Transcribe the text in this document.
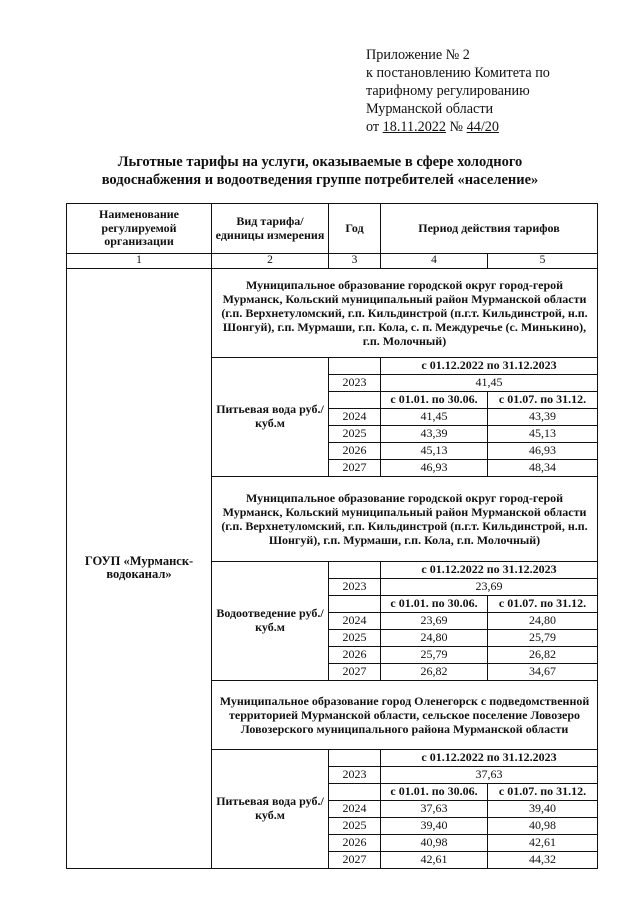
Приложение № 2
к постановлению Комитета по
тарифному регулированию
Мурманской области
от 18.11.2022 № 44/20
Льготные тарифы на услуги, оказываемые в сфере холодного
водоснабжения и водоотведения группе потребителей «население»
Наименование регулируемой организации	Вид тарифа/единицы измерения	Год	Период действия тарифов	
1	2	3	4	5
ГОУП «Мурманск-водоканал»	Муниципальное образование городской округ город-герой Мурманск, Кольский муниципальный район Мурманской области (г.п. Верхнетуломский, г.п. Кильдинстрой (п.г.т. Кильдинстрой, н.п. Шонгуй), г.п. Мурмаши, г.п. Кола, с. п. Междуречье (с. Минькино), г.п. Молочный)			
	Питьевая вода руб./куб.м		с 01.12.2022 по 31.12.2023	
		2023	41,45	
			с 01.01. по 30.06.	с 01.07. по 31.12.
		2024	41,45	43,39
		2025	43,39	45,13
		2026	45,13	46,93
		2027	46,93	48,34
	Муниципальное образование городской округ город-герой Мурманск, Кольский муниципальный район Мурманской области (г.п. Верхнетуломский, г.п. Кильдинстрой (п.г.т. Кильдинстрой, н.п. Шонгуй), г.п. Мурмаши, г.п. Кола, г.п. Молочный)			
	Водоотведение руб./куб.м		с 01.12.2022 по 31.12.2023	
		2023	23,69	
			с 01.01. по 30.06.	с 01.07. по 31.12.
		2024	23,69	24,80
		2025	24,80	25,79
		2026	25,79	26,82
		2027	26,82	34,67
	Муниципальное образование город Оленегорск с подведомственной территорией Мурманской области, сельское поселение Ловозеро Ловозерского муниципального района Мурманской области			
	Питьевая вода руб./куб.м		с 01.12.2022 по 31.12.2023	
		2023	37,63	
			с 01.01. по 30.06.	с 01.07. по 31.12.
		2024	37,63	39,40
		2025	39,40	40,98
		2026	40,98	42,61
		2027	42,61	44,32
